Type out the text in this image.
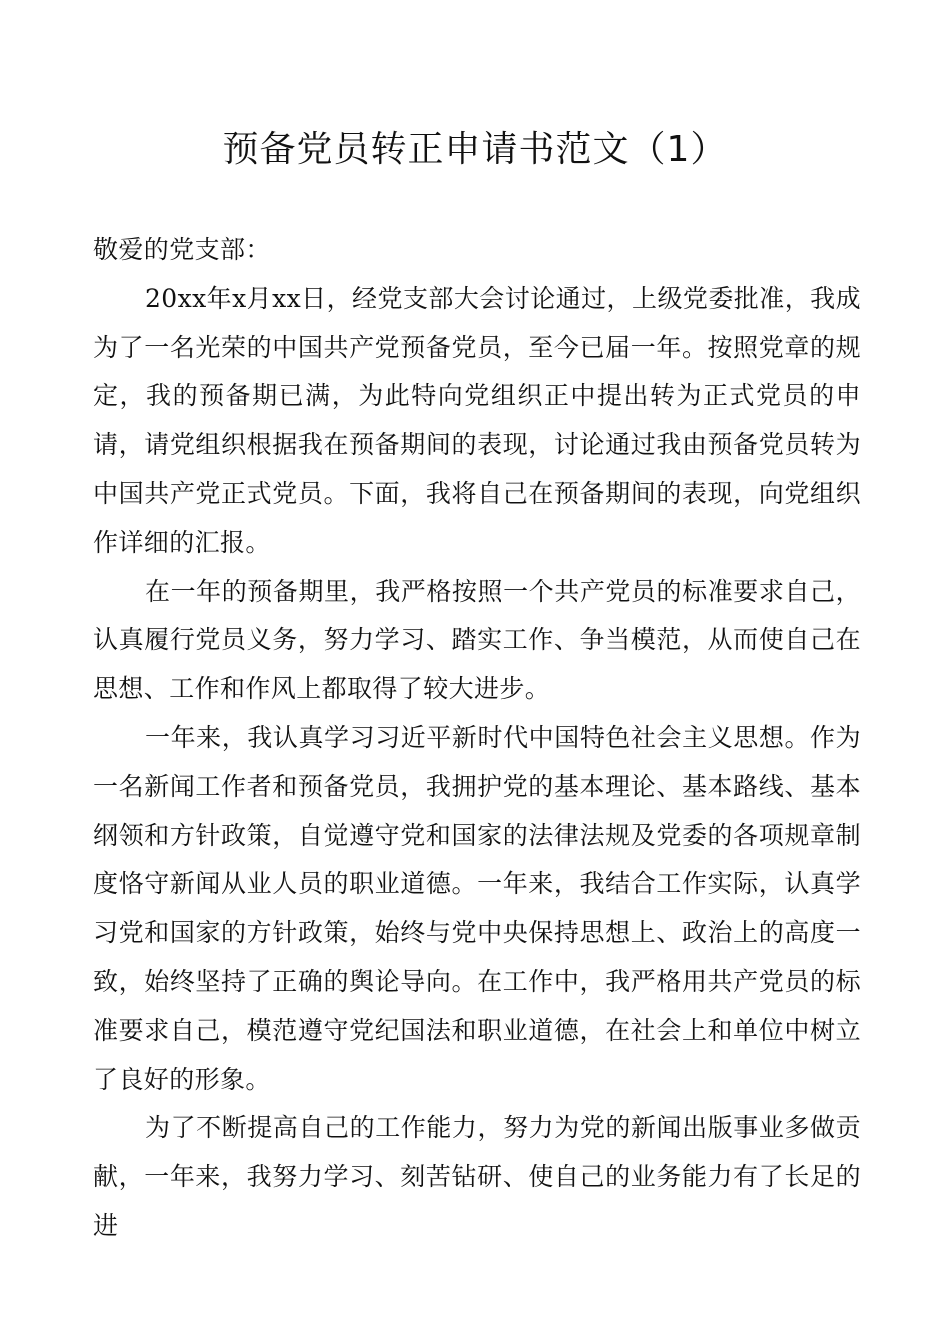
预备党员转正申请书范文（1）

敬爱的党支部：

20xx年x月xx日，经党支部大会讨论通过，上级党委批准，我成为了一名光荣的中国共产党预备党员，至今已届一年。按照党章的规定，我的预备期已满，为此特向党组织正中提出转为正式党员的申请，请党组织根据我在预备期间的表现，讨论通过我由预备党员转为中国共产党正式党员。下面，我将自己在预备期间的表现，向党组织作详细的汇报。

在一年的预备期里，我严格按照一个共产党员的标准要求自己，认真履行党员义务，努力学习、踏实工作、争当模范，从而使自己在思想、工作和作风上都取得了较大进步。

一年来，我认真学习习近平新时代中国特色社会主义思想。作为一名新闻工作者和预备党员，我拥护党的基本理论、基本路线、基本纲领和方针政策，自觉遵守党和国家的法律法规及党委的各项规章制度恪守新闻从业人员的职业道德。一年来，我结合工作实际，认真学习党和国家的方针政策，始终与党中央保持思想上、政治上的高度一致，始终坚持了正确的舆论导向。在工作中，我严格用共产党员的标准要求自己，模范遵守党纪国法和职业道德，在社会上和单位中树立了良好的形象。

为了不断提高自己的工作能力，努力为党的新闻出版事业多做贡献，一年来，我努力学习、刻苦钻研、使自己的业务能力有了长足的进
